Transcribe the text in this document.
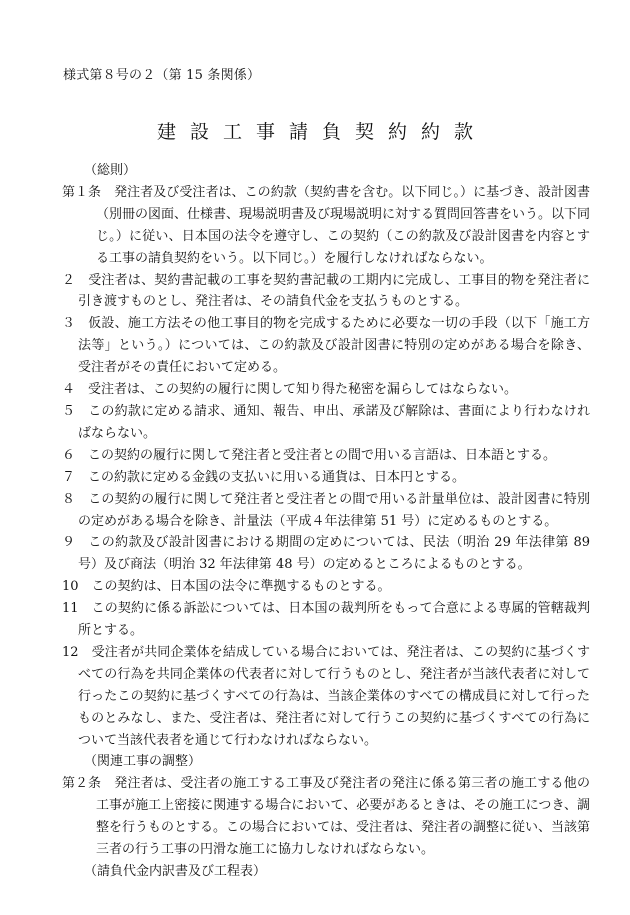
様式第８号の２（第 15 条関係）
建設工事請負契約約款
（総則）
第１条 発注者及び受注者は、この約款（契約書を含む。以下同じ。）に基づき、設計図書（別冊の図面、仕様書、現場説明書及び現場説明に対する質問回答書をいう。以下同じ。）に従い、日本国の法令を遵守し、この契約（この約款及び設計図書を内容とする工事の請負契約をいう。以下同じ。）を履行しなければならない。
２ 受注者は、契約書記載の工事を契約書記載の工期内に完成し、工事目的物を発注者に引き渡すものとし、発注者は、その請負代金を支払うものとする。
３ 仮設、施工方法その他工事目的物を完成するために必要な一切の手段（以下「施工方法等」という。）については、この約款及び設計図書に特別の定めがある場合を除き、受注者がその責任において定める。
４ 受注者は、この契約の履行に関して知り得た秘密を漏らしてはならない。
５ この約款に定める請求、通知、報告、申出、承諾及び解除は、書面により行わなければならない。
６ この契約の履行に関して発注者と受注者との間で用いる言語は、日本語とする。
７ この約款に定める金銭の支払いに用いる通貨は、日本円とする。
８ この契約の履行に関して発注者と受注者との間で用いる計量単位は、設計図書に特別の定めがある場合を除き、計量法（平成４年法律第 51 号）に定めるものとする。
９ この約款及び設計図書における期間の定めについては、民法（明治 29 年法律第 89 号）及び商法（明治 32 年法律第 48 号）の定めるところによるものとする。
10 この契約は、日本国の法令に準拠するものとする。
11 この契約に係る訴訟については、日本国の裁判所をもって合意による専属的管轄裁判所とする。
12 受注者が共同企業体を結成している場合においては、発注者は、この契約に基づくすべての行為を共同企業体の代表者に対して行うものとし、発注者が当該代表者に対して行ったこの契約に基づくすべての行為は、当該企業体のすべての構成員に対して行ったものとみなし、また、受注者は、発注者に対して行うこの契約に基づくすべての行為について当該代表者を通じて行わなければならない。
（関連工事の調整）
第２条 発注者は、受注者の施工する工事及び発注者の発注に係る第三者の施工する他の工事が施工上密接に関連する場合において、必要があるときは、その施工につき、調整を行うものとする。この場合においては、受注者は、発注者の調整に従い、当該第三者の行う工事の円滑な施工に協力しなければならない。
（請負代金内訳書及び工程表）
